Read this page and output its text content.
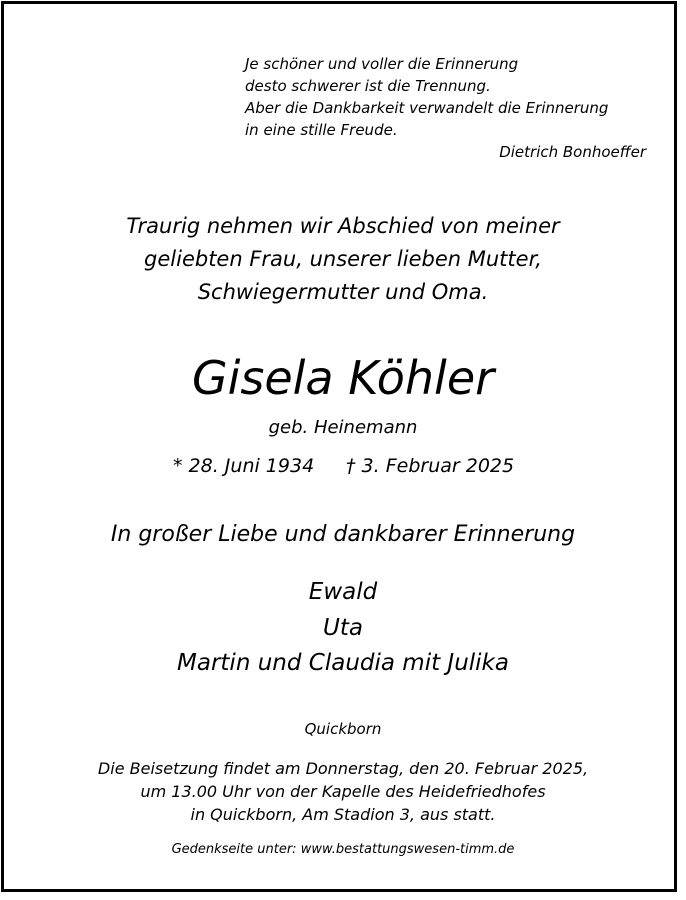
Je schöner und voller die Erinnerung

desto schwerer ist die Trennung.

Aber die Dankbarkeit verwandelt die Erinnerung

in eine stille Freude.

Dietrich Bonhoeffer

Traurig nehmen wir Abschied von meiner

geliebten Frau, unserer lieben Mutter,

Schwiegermutter und Oma.

Gisela Köhler

geb. Heinemann

* 28. Juni 1934 † 3. Februar 2025

In großer Liebe und dankbarer Erinnerung

Ewald

Uta

Martin und Claudia mit Julika

Quickborn

Die Beisetzung findet am Donnerstag, den 20. Februar 2025,

um 13.00 Uhr von der Kapelle des Heidefriedhofes

in Quickborn, Am Stadion 3, aus statt.

Gedenkseite unter: www.bestattungswesen-timm.de
